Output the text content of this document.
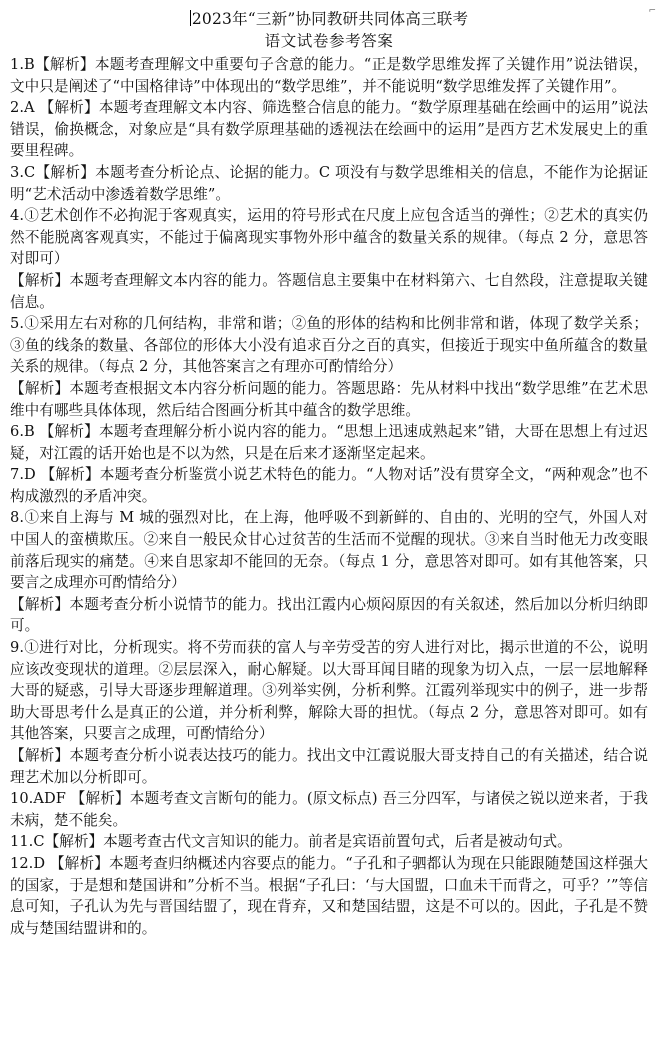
⌐
2023年“三新”协同教研共同体高三联考
语文试卷参考答案

1.B【解析】本题考查理解文中重要句子含意的能力。“正是数学思维发挥了关键作用”说法错误，文中只是阐述了“中国格律诗”中体现出的“数学思维”，并不能说明“数学思维发挥了关键作用”。

2.A 【解析】本题考查理解文本内容、筛选整合信息的能力。“数学原理基础在绘画中的运用”说法错误，偷换概念，对象应是“具有数学原理基础的透视法在绘画中的运用”是西方艺术发展史上的重要里程碑。

3.C【解析】本题考查分析论点、论据的能力。C 项没有与数学思维相关的信息，不能作为论据证明“艺术活动中渗透着数学思维”。

4.①艺术创作不必拘泥于客观真实，运用的符号形式在尺度上应包含适当的弹性；②艺术的真实仍然不能脱离客观真实，不能过于偏离现实事物外形中蕴含的数量关系的规律。（每点 2 分，意思答对即可）

【解析】本题考查理解文本内容的能力。答题信息主要集中在材料第六、七自然段，注意提取关键信息。

5.①采用左右对称的几何结构，非常和谐；②鱼的形体的结构和比例非常和谐，体现了数学关系；③鱼的线条的数量、各部位的形体大小没有追求百分之百的真实，但接近于现实中鱼所蕴含的数量关系的规律。（每点 2 分，其他答案言之有理亦可酌情给分）

【解析】本题考查根据文本内容分析问题的能力。答题思路：先从材料中找出“数学思维”在艺术思维中有哪些具体体现，然后结合图画分析其中蕴含的数学思维。

6.B 【解析】本题考查理解分析小说内容的能力。“思想上迅速成熟起来”错，大哥在思想上有过迟疑，对江霞的话开始也是不以为然，只是在后来才逐渐坚定起来。

7.D 【解析】本题考查分析鉴赏小说艺术特色的能力。“人物对话”没有贯穿全文，“两种观念”也不构成激烈的矛盾冲突。

8.①来自上海与 M 城的强烈对比，在上海，他呼吸不到新鲜的、自由的、光明的空气，外国人对中国人的蛮横欺压。②来自一般民众甘心过贫苦的生活而不觉醒的现状。③来自当时他无力改变眼前落后现实的痛楚。④来自思家却不能回的无奈。（每点 1 分，意思答对即可。如有其他答案，只要言之成理亦可酌情给分）

【解析】本题考查分析小说情节的能力。找出江霞内心烦闷原因的有关叙述，然后加以分析归纳即可。

9.①进行对比，分析现实。将不劳而获的富人与辛劳受苦的穷人进行对比，揭示世道的不公，说明应该改变现状的道理。②层层深入，耐心解疑。以大哥耳闻目睹的现象为切入点，一层一层地解释大哥的疑惑，引导大哥逐步理解道理。③列举实例，分析利弊。江霞列举现实中的例子，进一步帮助大哥思考什么是真正的公道，并分析利弊，解除大哥的担忧。（每点 2 分，意思答对即可。如有其他答案，只要言之成理，可酌情给分）

【解析】本题考查分析小说表达技巧的能力。找出文中江霞说服大哥支持自己的有关描述，结合说理艺术加以分析即可。

10.ADF 【解析】本题考查文言断句的能力。(原文标点) 吾三分四军，与诸侯之锐以逆来者，于我未病，楚不能矣。

11.C【解析】本题考查古代文言知识的能力。前者是宾语前置句式，后者是被动句式。

12.D 【解析】本题考查归纳概述内容要点的能力。“子孔和子驷都认为现在只能跟随楚国这样强大的国家，于是想和楚国讲和”分析不当。根据“子孔曰：‘与大国盟，口血未干而背之，可乎？’”等信息可知，子孔认为先与晋国结盟了，现在背弃，又和楚国结盟，这是不可以的。因此，子孔是不赞成与楚国结盟讲和的。
